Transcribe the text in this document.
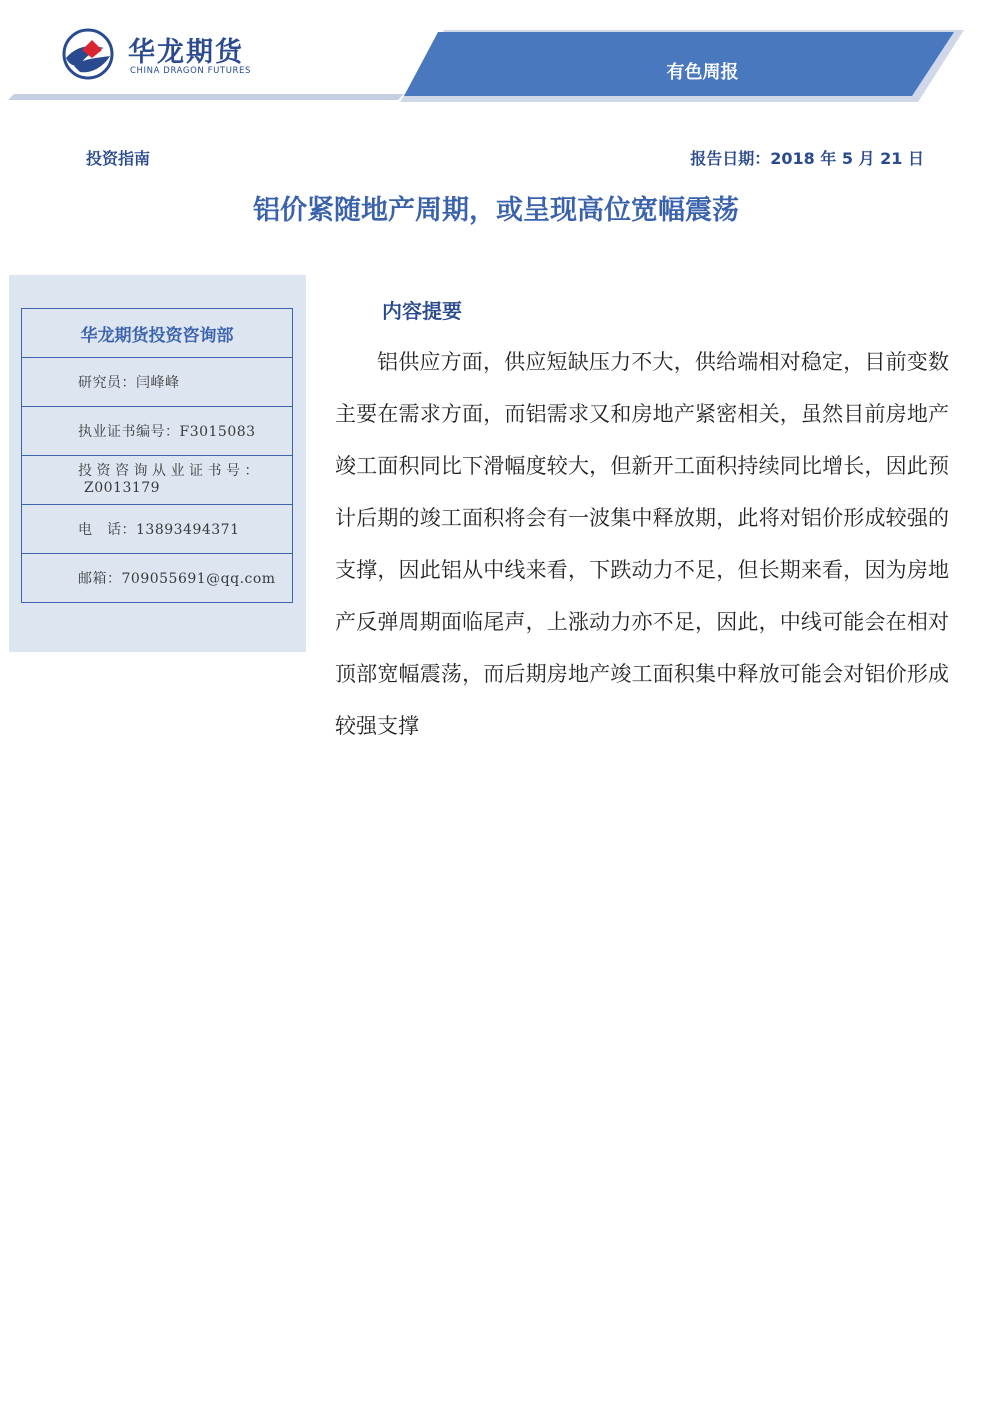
华龙期货
CHINA DRAGON FUTURES	有色周报
投资指南	报告日期：2018 年 5 月 21 日
铝价紧随地产周期，或呈现高位宽幅震荡
华龙期货投资咨询部
研究员：闫峰峰
执业证书编号：F3015083

投资咨询从业证书号：
Z0013179

电　话：13893494371
邮箱：709055691@qq.com
内容提要
铝供应方面，供应短缺压力不大，供给端相对稳定，目前变数主要在需求方面，而铝需求又和房地产紧密相关，虽然目前房地产竣工面积同比下滑幅度较大，但新开工面积持续同比增长，因此预计后期的竣工面积将会有一波集中释放期，此将对铝价形成较强的支撑，因此铝从中线来看，下跌动力不足，但长期来看，因为房地产反弹周期面临尾声，上涨动力亦不足，因此，中线可能会在相对顶部宽幅震荡，而后期房地产竣工面积集中释放可能会对铝价形成较强支撑
